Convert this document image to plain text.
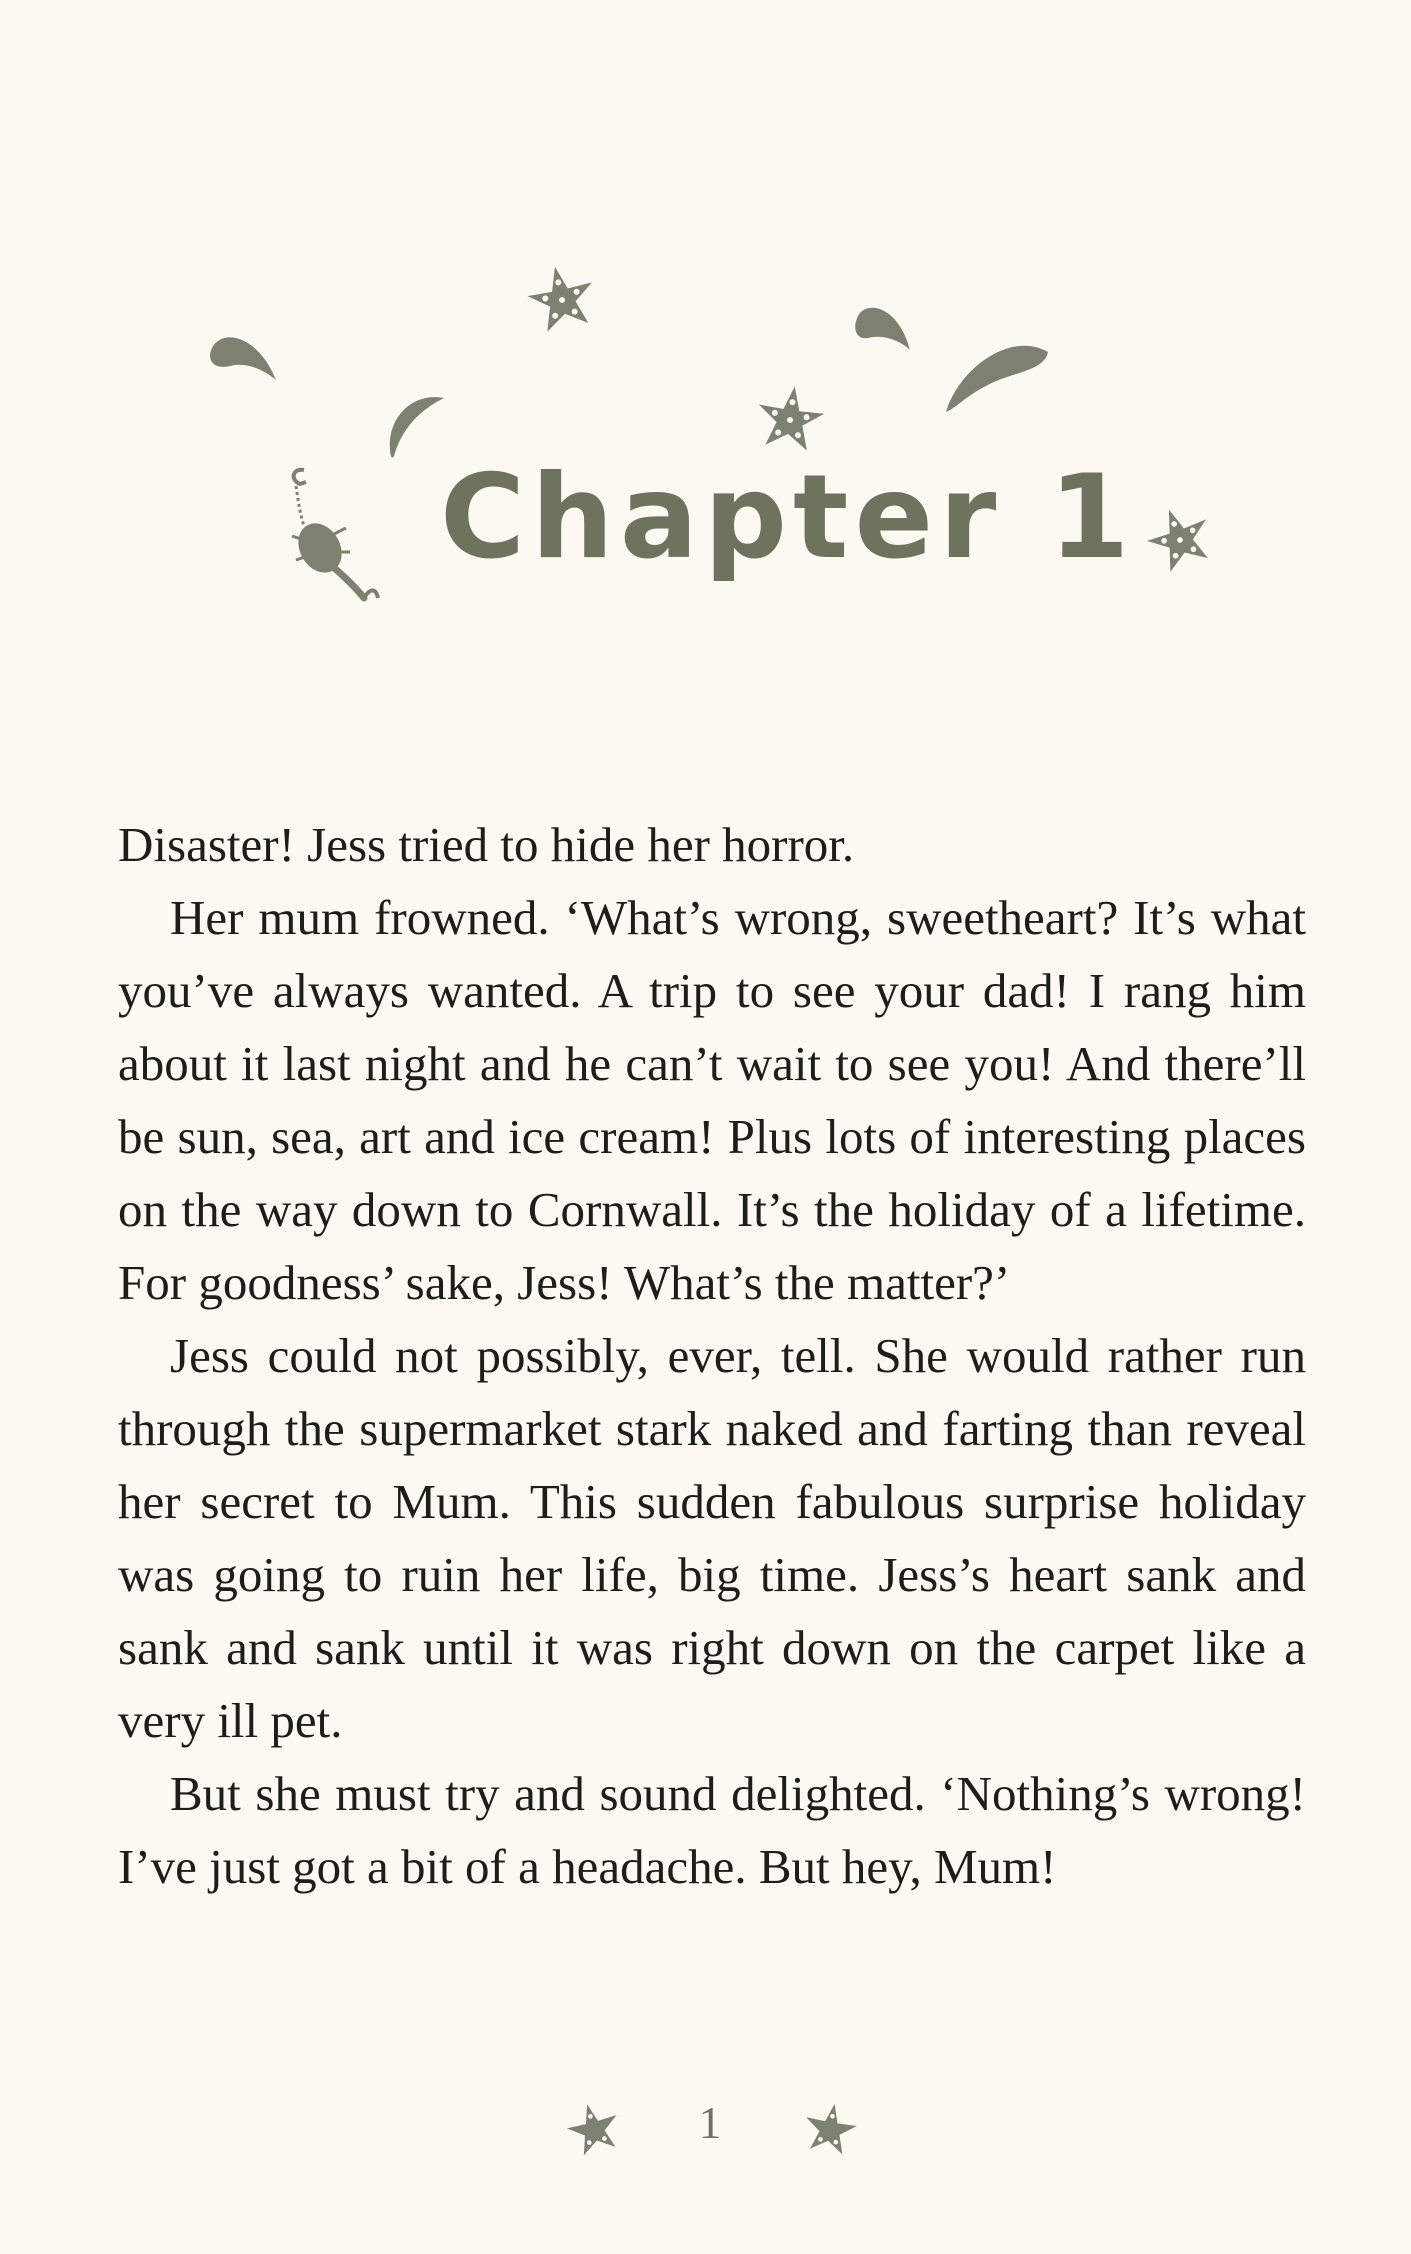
Chapter 1

Disaster! Jess tried to hide her horror.

Her mum frowned. ‘What’s wrong, sweetheart? It’s what you’ve always wanted. A trip to see your dad! I rang him about it last night and he can’t wait to see you! And there’ll be sun, sea, art and ice cream! Plus lots of interesting places on the way down to Cornwall. It’s the holiday of a lifetime. For goodness’ sake, Jess! What’s the matter?’

Jess could not possibly, ever, tell. She would rather run through the supermarket stark naked and farting than reveal her secret to Mum. This sudden fabulous surprise holiday was going to ruin her life, big time. Jess’s heart sank and sank and sank until it was right down on the carpet like a very ill pet.

But she must try and sound delighted. ‘Nothing’s wrong! I’ve just got a bit of a headache. But hey, Mum!

1
